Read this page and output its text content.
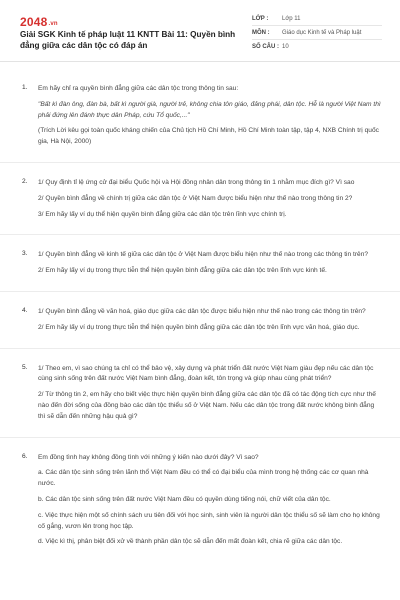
2048.vn
Giải SGK Kinh tế pháp luật 11 KNTT Bài 11: Quyền bình đẳng giữa các dân tộc có đáp án
LỚP :	Lớp 11
MÔN :	Giáo dục Kinh tế và Pháp luật
SỐ CÂU : 10
1. Em hãy chỉ ra quyền bình đẳng giữa các dân tộc trong thông tin sau:

"Bất kì đàn ông, đàn bà, bất kì người già, người trẻ, không chia tôn giáo, đảng phái, dân tộc. Hễ là người Việt Nam thì phải đứng lên đánh thực dân Pháp, cứu Tổ quốc,..."

(Trích Lời kêu gọi toàn quốc kháng chiến của Chủ tịch Hồ Chí Minh, Hồ Chí Minh toàn tập, tập 4, NXB Chính trị quốc gia, Hà Nội, 2000)

2. 1/ Quy định tỉ lệ ứng cử đại biểu Quốc hội và Hội đồng nhân dân trong thông tin 1 nhằm mục đích gì? Vì sao

2/ Quyền bình đẳng về chính trị giữa các dân tộc ở Việt Nam được biểu hiện như thế nào trong thông tin 2?

3/ Em hãy lấy ví dụ thể hiện quyền bình đẳng giữa các dân tộc trên lĩnh vực chính trị.

3. 1/ Quyền bình đẳng về kinh tế giữa các dân tộc ở Việt Nam được biểu hiện như thế nào trong các thông tin trên?

2/ Em hãy lấy ví dụ trong thực tiễn thể hiện quyền bình đẳng giữa các dân tộc trên lĩnh vực kinh tế.

4. 1/ Quyền bình đẳng về văn hoá, giáo dục giữa các dân tộc được biểu hiện như thế nào trong các thông tin trên?

2/ Em hãy lấy ví dụ trong thực tiễn thể hiện quyền bình đẳng giữa các dân tộc trên lĩnh vực văn hoá, giáo dục.

5. 1/ Theo em, vì sao chúng ta chỉ có thể bảo vệ, xây dựng và phát triển đất nước Việt Nam giàu đẹp nếu các dân tộc cùng sinh sống trên đất nước Việt Nam bình đẳng, đoàn kết, tôn trọng và giúp nhau cùng phát triển?

2/ Từ thông tin 2, em hãy cho biết việc thực hiện quyền bình đẳng giữa các dân tộc đã có tác động tích cực như thế nào đến đời sống của đồng bào các dân tộc thiểu số ở Việt Nam. Nếu các dân tộc trong đất nước không bình đẳng thì sẽ dẫn đến những hậu quả gì?

6. Em đồng tình hay không đồng tình với những ý kiến nào dưới đây? Vì sao?

a. Các dân tộc sinh sống trên lãnh thổ Việt Nam đều có thể có đại biểu của mình trong hệ thống các cơ quan nhà nước.

b. Các dân tộc sinh sống trên đất nước Việt Nam đều có quyền dùng tiếng nói, chữ viết của dân tộc.

c. Việc thực hiện một số chính sách ưu tiên đối với học sinh, sinh viên là người dân tộc thiểu số sẽ làm cho họ không cố gắng, vươn lên trong học tập.

d. Việc kì thị, phân biệt đối xử về thành phần dân tộc sẽ dẫn đến mất đoàn kết, chia rẽ giữa các dân tộc.
